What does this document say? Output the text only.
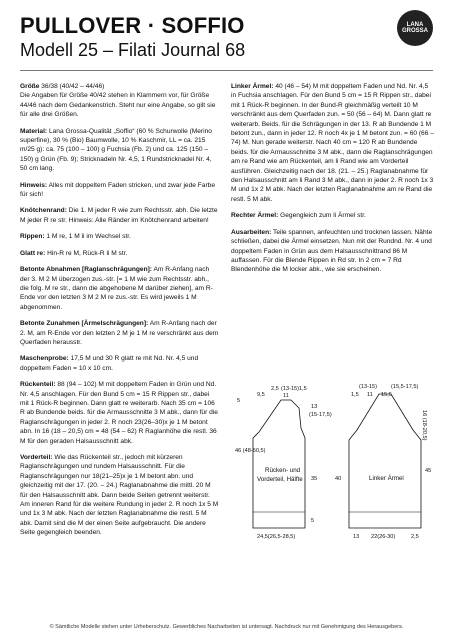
PULLOVER · SOFFIO
Modell 25 – Filati Journal 68
LANA GROSSA

Größe 36/38 (40/42 – 44/46)
Die Angaben für Größe 40/42 stehen in Klammern vor, für Größe 44/46 nach dem Gedankenstrich. Steht nur eine Angabe, so gilt sie für alle drei Größen.

Material: Lana Grossa-Qualität „Soffio“ (60 % Schurwolle (Merino superfine), 30 % (Bio) Baumwolle, 10 % Kaschmir, LL = ca. 215 m/25 g): ca. 75 (100 – 100) g Fuchsia (Fb. 2) und ca. 125 (150 – 150) g Grün (Fb. 9); Stricknadeln Nr. 4,5, 1 Rundstricknadel Nr. 4, 50 cm lang.

Hinweis: Alles mit doppeltem Faden stricken, und zwar jede Farbe für sich!

Knötchenrand: Die 1. M jeder R wie zum Rechtsstr. abh. Die letzte M jeder R re str. Hinweis: Alle Ränder im Knötchenrand arbeiten!

Rippen: 1 M re, 1 M li im Wechsel str.

Glatt re: Hin-R re M, Rück-R li M str.

Betonte Abnahmen [Raglanschrägungen]: Am R-Anfang nach der 3. M 2 M überzogen zus.-str. [= 1 M wie zum Rechtsstr. abh., die folg. M re str., dann die abgehobene M darüber ziehen], am R-Ende vor den letzten 3 M 2 M re zus.-str. Es wird jeweils 1 M abgenommen.

Betonte Zunahmen [Ärmelschrägungen]: Am R-Anfang nach der 2. M, am R-Ende vor den letzten 2 M je 1 M re verschränkt aus dem Querfaden herausstr.

Maschenprobe: 17,5 M und 30 R glatt re mit Nd. Nr. 4,5 und doppeltem Faden = 10 x 10 cm.

Rückenteil: 88 (94 – 102) M mit doppeltem Faden in Grün und Nd. Nr. 4,5 anschlagen. Für den Bund 5 cm = 15 R Rippen str., dabei mit 1 Rück-R beginnen. Dann glatt re weiterarb. Nach 35 cm = 106 R ab Bundende beids. für die Armausschnitte 3 M abk., dann für die Raglanschrägungen in jeder 2. R noch 23(26–30)x je 1 M betont abn. In 16 (18 – 20,5) cm = 48 (54 – 62) R Raglanhöhe die restl. 36 M für den geraden Halsausschnitt abk.

Vorderteil: Wie das Rückenteil str., jedoch mit kürzeren Raglanschrägungen und rundem Halsausschnitt. Für die Raglanschrägungen nur 18(21–25)x je 1 M betont abn. und gleichzeitig mit der 17. (20. – 24.) Raglanabnahme die mittl. 20 M für den Halsausschnitt abk. Dann beide Seiten getrennt weiterstr. Am inneren Rand für die weitere Rundung in jeder 2. R noch 1x 5 M und 1x 3 M abk. Nach der letzten Raglanabnahme die restl. 5 M abk. Damit sind die M der einen Seite aufgebraucht. Die andere Seite gegengleich beenden.

Linker Ärmel: 40 (46 – 54) M mit doppeltem Faden und Nd. Nr. 4,5 in Fuchsia anschlagen. Für den Bund 5 cm = 15 R Rippen str., dabei mit 1 Rück-R beginnen. In der Bund-R gleichmäßig verteilt 10 M verschränkt aus dem Querfaden zun. = 50 (56 – 64) M. Dann glatt re weiterarb. Beids. für die Schrägungen in der 13. R ab Bundende 1 M betont zun., dann in jeder 12. R noch 4x je 1 M betont zun. = 60 (66 – 74) M. Nun gerade weiterstr. Nach 40 cm = 120 R ab Bundende beids. für die Armausschnitte 3 M abk., dann die Raglanschrägungen am re Rand wie am Rückenteil, am li Rand wie am Vorderteil ausführen. Gleichzeitig nach der 18. (21. – 25.) Raglanabnahme für den Halsausschnitt am li Rand 3 M abk., dann in jeder 2. R noch 1x 3 M und 1x 2 M abk. Nach der letzten Raglanabnahme am re Rand die restl. 5 M abk.

Rechter Ärmel: Gegengleich zum li Ärmel str.

Ausarbeiten: Teile spannen, anfeuchten und trocknen lassen. Nähte schließen, dabei die Ärmel einsetzen. Nun mit der Rundnd. Nr. 4 und doppeltem Faden in Grün aus dem Halsausschnittrand 86 M auffassen. Für die Blende Rippen in Rd str. In 2 cm = 7 Rd Blendenhöhe die M locker abk., wie sie erscheinen.

Rücken- und
Vorderteil, Hälfte	Linker Ärmel
9,5
2,5 (13-15)
11
1,5
13
(15-17,5)	16 (18-20,5)
5
46 (48-50,5)
35	40
45
5
24,5(26,5-28,5)	13 22(26-30)	2,5
(13-15) (15,5-17,5)
1,5 11 15,5
© Sämtliche Modelle stehen unter Urheberschutz. Gewerbliches Nacharbeiten ist untersagt. Nachdruck nur mit Genehmigung des Herausgebers.
